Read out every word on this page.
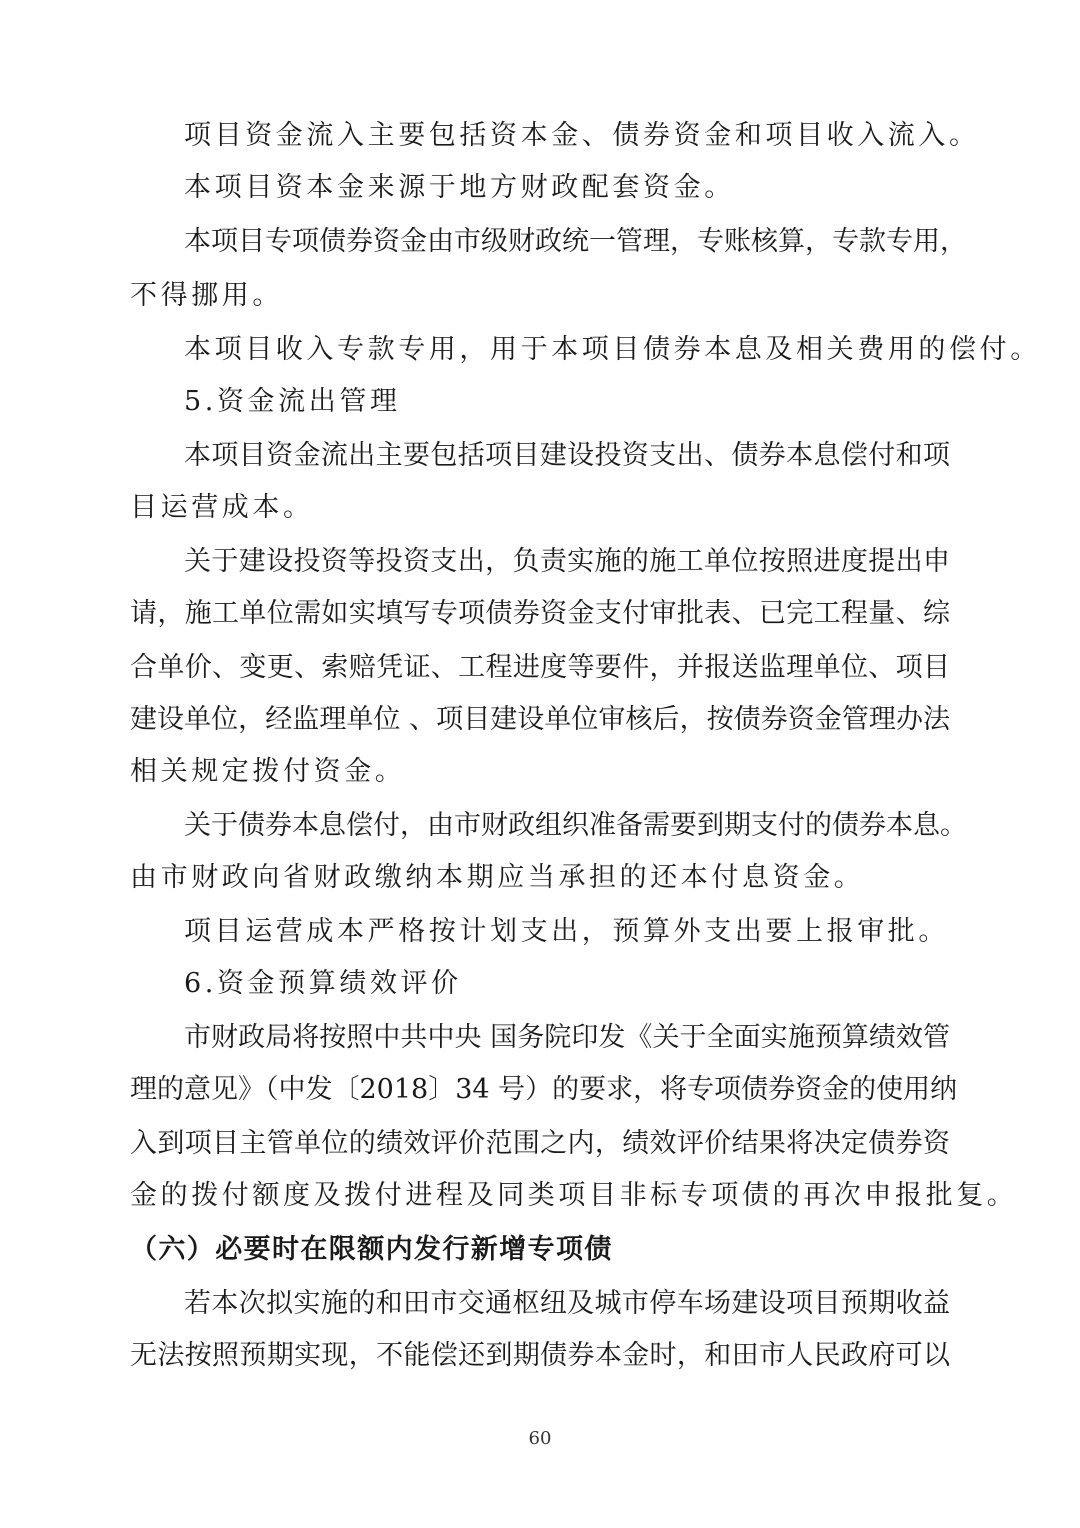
项目资金流入主要包括资本金、债券资金和项目收入流入。
本项目资本金来源于地方财政配套资金。
本项目专项债券资金由市级财政统一管理，专账核算，专款专用，
不得挪用。
本项目收入专款专用，用于本项目债券本息及相关费用的偿付。
5.资金流出管理
本项目资金流出主要包括项目建设投资支出、债券本息偿付和项
目运营成本。
关于建设投资等投资支出，负责实施的施工单位按照进度提出申
请，施工单位需如实填写专项债券资金支付审批表、已完工程量、综
合单价、变更、索赔凭证、工程进度等要件，并报送监理单位、项目
建设单位，经监理单位 、项目建设单位审核后，按债券资金管理办法
相关规定拨付资金。
关于债券本息偿付，由市财政组织准备需要到期支付的债券本息。
由市财政向省财政缴纳本期应当承担的还本付息资金。
项目运营成本严格按计划支出，预算外支出要上报审批。
6.资金预算绩效评价
市财政局将按照中共中央 国务院印发《关于全面实施预算绩效管
理的意见》（中发〔2018〕34 号）的要求，将专项债券资金的使用纳
入到项目主管单位的绩效评价范围之内，绩效评价结果将决定债券资
金的拨付额度及拨付进程及同类项目非标专项债的再次申报批复。
（六）必要时在限额内发行新增专项债
若本次拟实施的和田市交通枢纽及城市停车场建设项目预期收益
无法按照预期实现，不能偿还到期债券本金时，和田市人民政府可以
60
